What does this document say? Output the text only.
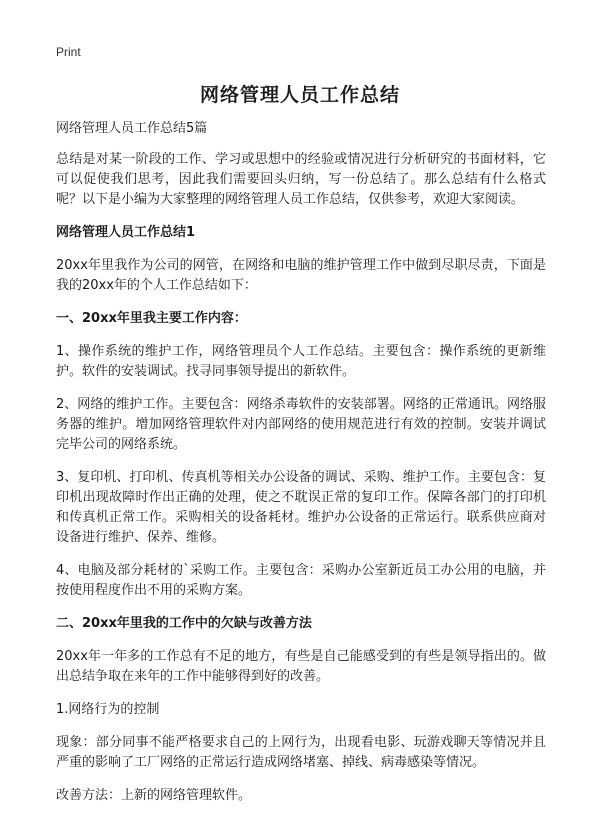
Print
网络管理人员工作总结

网络管理人员工作总结5篇

总结是对某一阶段的工作、学习或思想中的经验或情况进行分析研究的书面材料，它可以促使我们思考，因此我们需要回头归纳，写一份总结了。那么总结有什么格式呢？以下是小编为大家整理的网络管理人员工作总结，仅供参考，欢迎大家阅读。

网络管理人员工作总结1

20xx年里我作为公司的网管，在网络和电脑的维护管理工作中做到尽职尽责，下面是我的20xx年的个人工作总结如下：

一、20xx年里我主要工作内容：

1、操作系统的维护工作，网络管理员个人工作总结。主要包含：操作系统的更新维护。软件的安装调试。找寻同事领导提出的新软件。

2、网络的维护工作。主要包含：网络杀毒软件的安装部署。网络的正常通讯。网络服务器的维护。增加网络管理软件对内部网络的使用规范进行有效的控制。安装并调试完毕公司的网络系统。

3、复印机、打印机、传真机等相关办公设备的调试、采购、维护工作。主要包含：复印机出现故障时作出正确的处理，使之不耽误正常的复印工作。保障各部门的打印机和传真机正常工作。采购相关的设备耗材。维护办公设备的正常运行。联系供应商对设备进行维护、保养、维修。

4、电脑及部分耗材的`采购工作。主要包含：采购办公室新近员工办公用的电脑，并按使用程度作出不用的采购方案。

二、20xx年里我的工作中的欠缺与改善方法

20xx年一年多的工作总有不足的地方，有些是自己能感受到的有些是领导指出的。做出总结争取在来年的工作中能够得到好的改善。

1.网络行为的控制

现象：部分同事不能严格要求自己的上网行为，出现看电影、玩游戏聊天等情况并且严重的影响了工厂网络的正常运行造成网络堵塞、掉线、病毒感染等情况。

改善方法：上新的网络管理软件。
